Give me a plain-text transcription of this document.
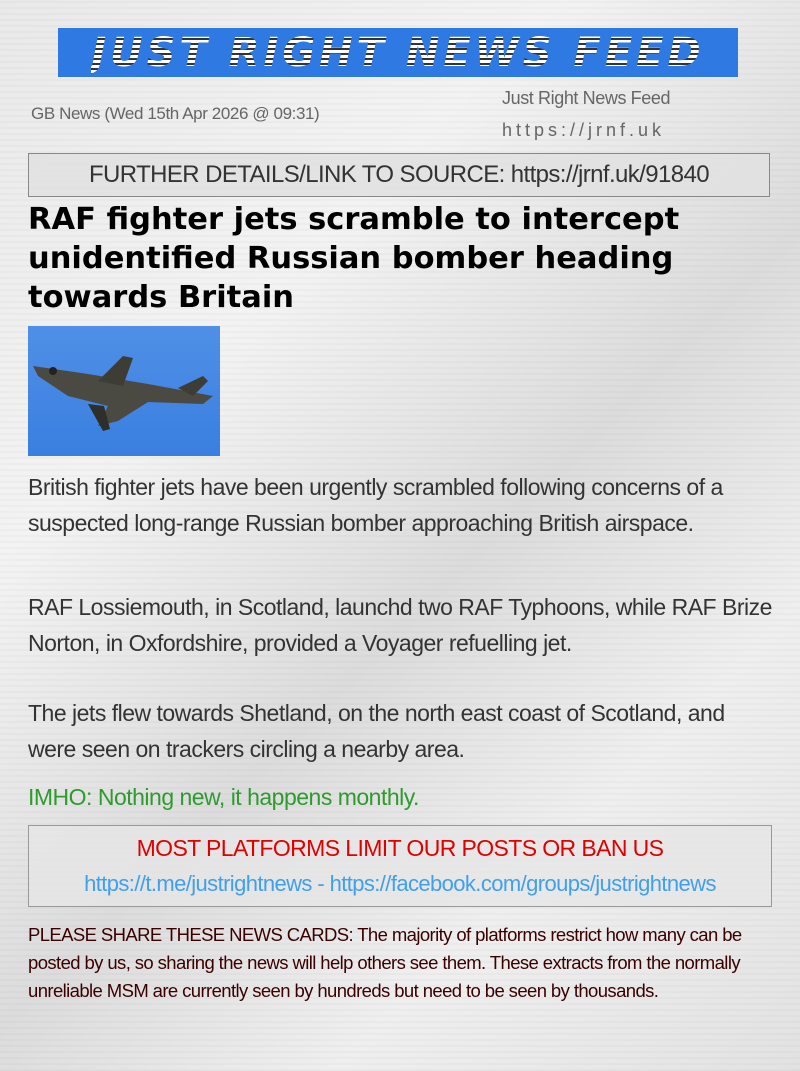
JUST RIGHT NEWS FEED
GB News (Wed 15th Apr 2026 @ 09:31)
Just Right News Feed
https://jrnf.uk
FURTHER DETAILS/LINK TO SOURCE: https://jrnf.uk/91840
RAF fighter jets scramble to intercept unidentified Russian bomber heading towards Britain

British fighter jets have been urgently scrambled following concerns of a suspected long-range Russian bomber approaching British airspace.

RAF Lossiemouth, in Scotland, launchd two RAF Typhoons, while RAF Brize Norton, in Oxfordshire, provided a Voyager refuelling jet.

The jets flew towards Shetland, on the north east coast of Scotland, and were seen on trackers circling a nearby area.

IMHO: Nothing new, it happens monthly.

MOST PLATFORMS LIMIT OUR POSTS OR BAN US
https://t.me/justrightnews - https://facebook.com/groups/justrightnews

PLEASE SHARE THESE NEWS CARDS: The majority of platforms restrict how many can be posted by us, so sharing the news will help others see them. These extracts from the normally unreliable MSM are currently seen by hundreds but need to be seen by thousands.
